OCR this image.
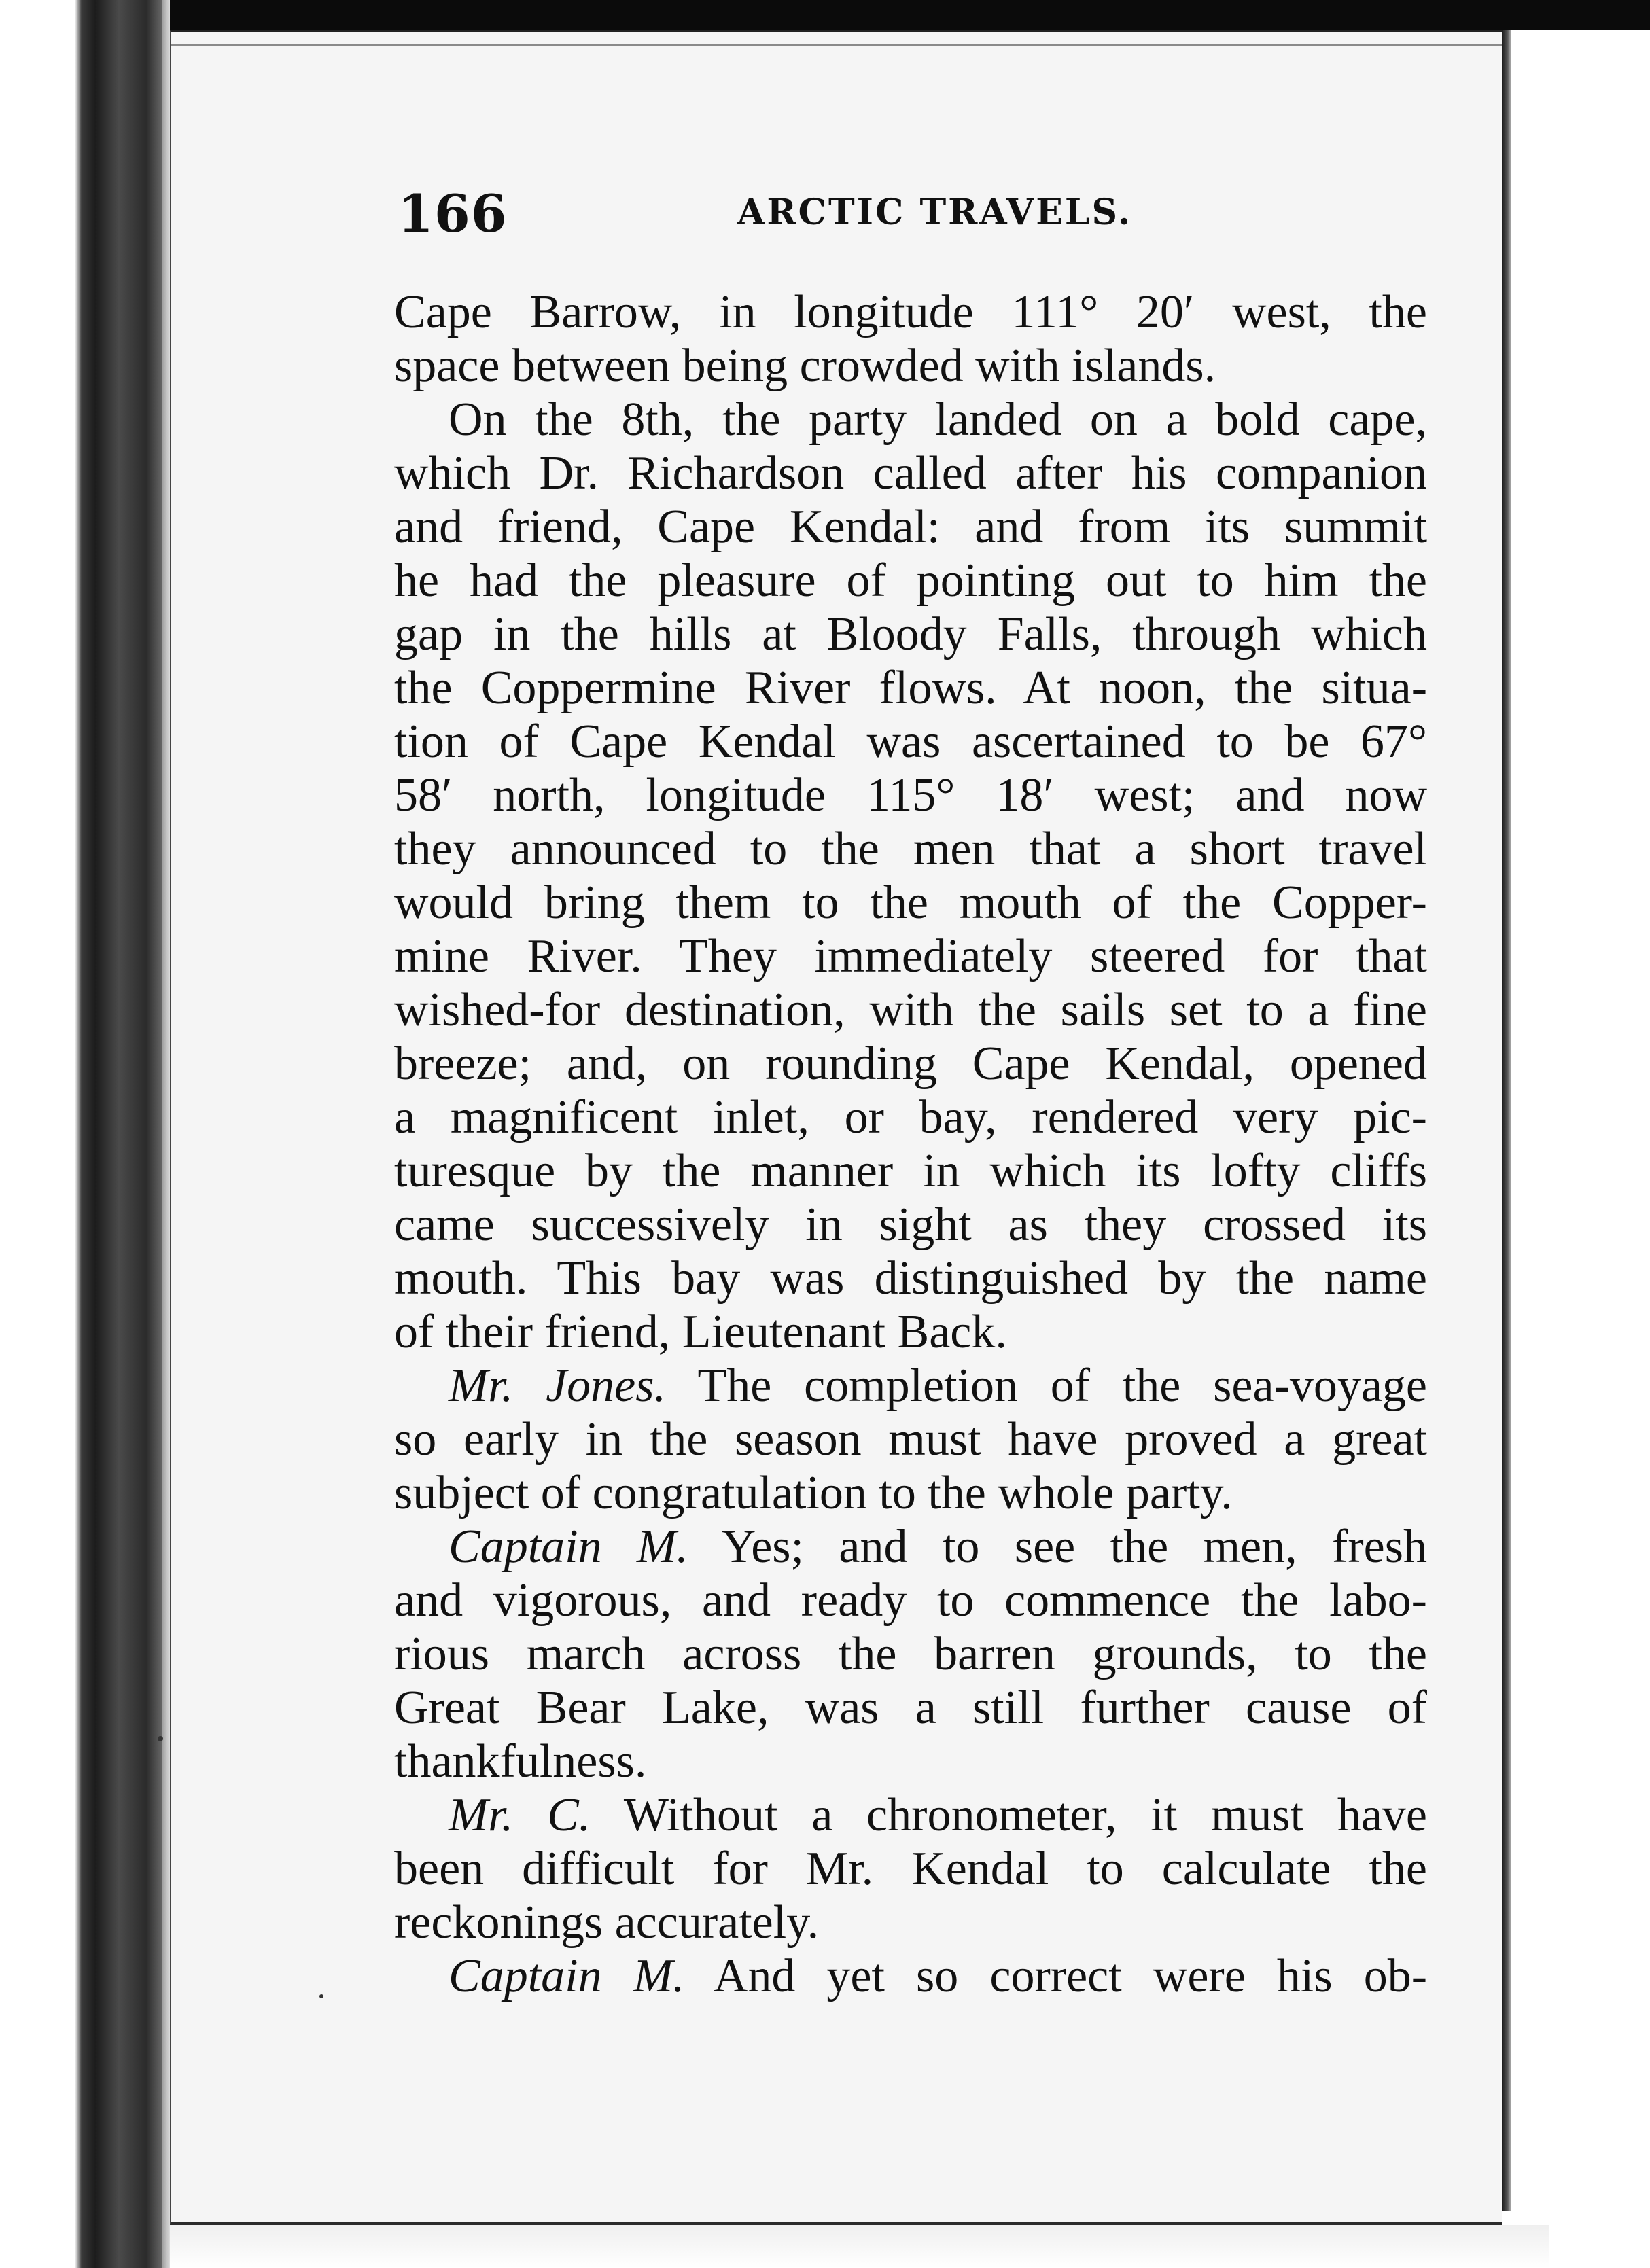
166	ARCTIC TRAVELS.
Cape Barrow, in longitude 111° 20′ west, the
space between being crowded with islands.
On the 8th, the party landed on a bold cape,
which Dr. Richardson called after his companion
and friend, Cape Kendal: and from its summit
he had the pleasure of pointing out to him the
gap in the hills at Bloody Falls, through which
the Coppermine River flows. At noon, the situa-
tion of Cape Kendal was ascertained to be 67°
58′ north, longitude 115° 18′ west; and now
they announced to the men that a short travel
would bring them to the mouth of the Copper-
mine River. They immediately steered for that
wished-for destination, with the sails set to a fine
breeze; and, on rounding Cape Kendal, opened
a magnificent inlet, or bay, rendered very pic-
turesque by the manner in which its lofty cliffs
came successively in sight as they crossed its
mouth. This bay was distinguished by the name
of their friend, Lieutenant Back.
Mr. Jones. The completion of the sea-voyage
so early in the season must have proved a great
subject of congratulation to the whole party.
Captain M. Yes; and to see the men, fresh
and vigorous, and ready to commence the labo-
rious march across the barren grounds, to the
Great Bear Lake, was a still further cause of
thankfulness.
Mr. C. Without a chronometer, it must have
been difficult for Mr. Kendal to calculate the
reckonings accurately.
Captain M. And yet so correct were his ob-
